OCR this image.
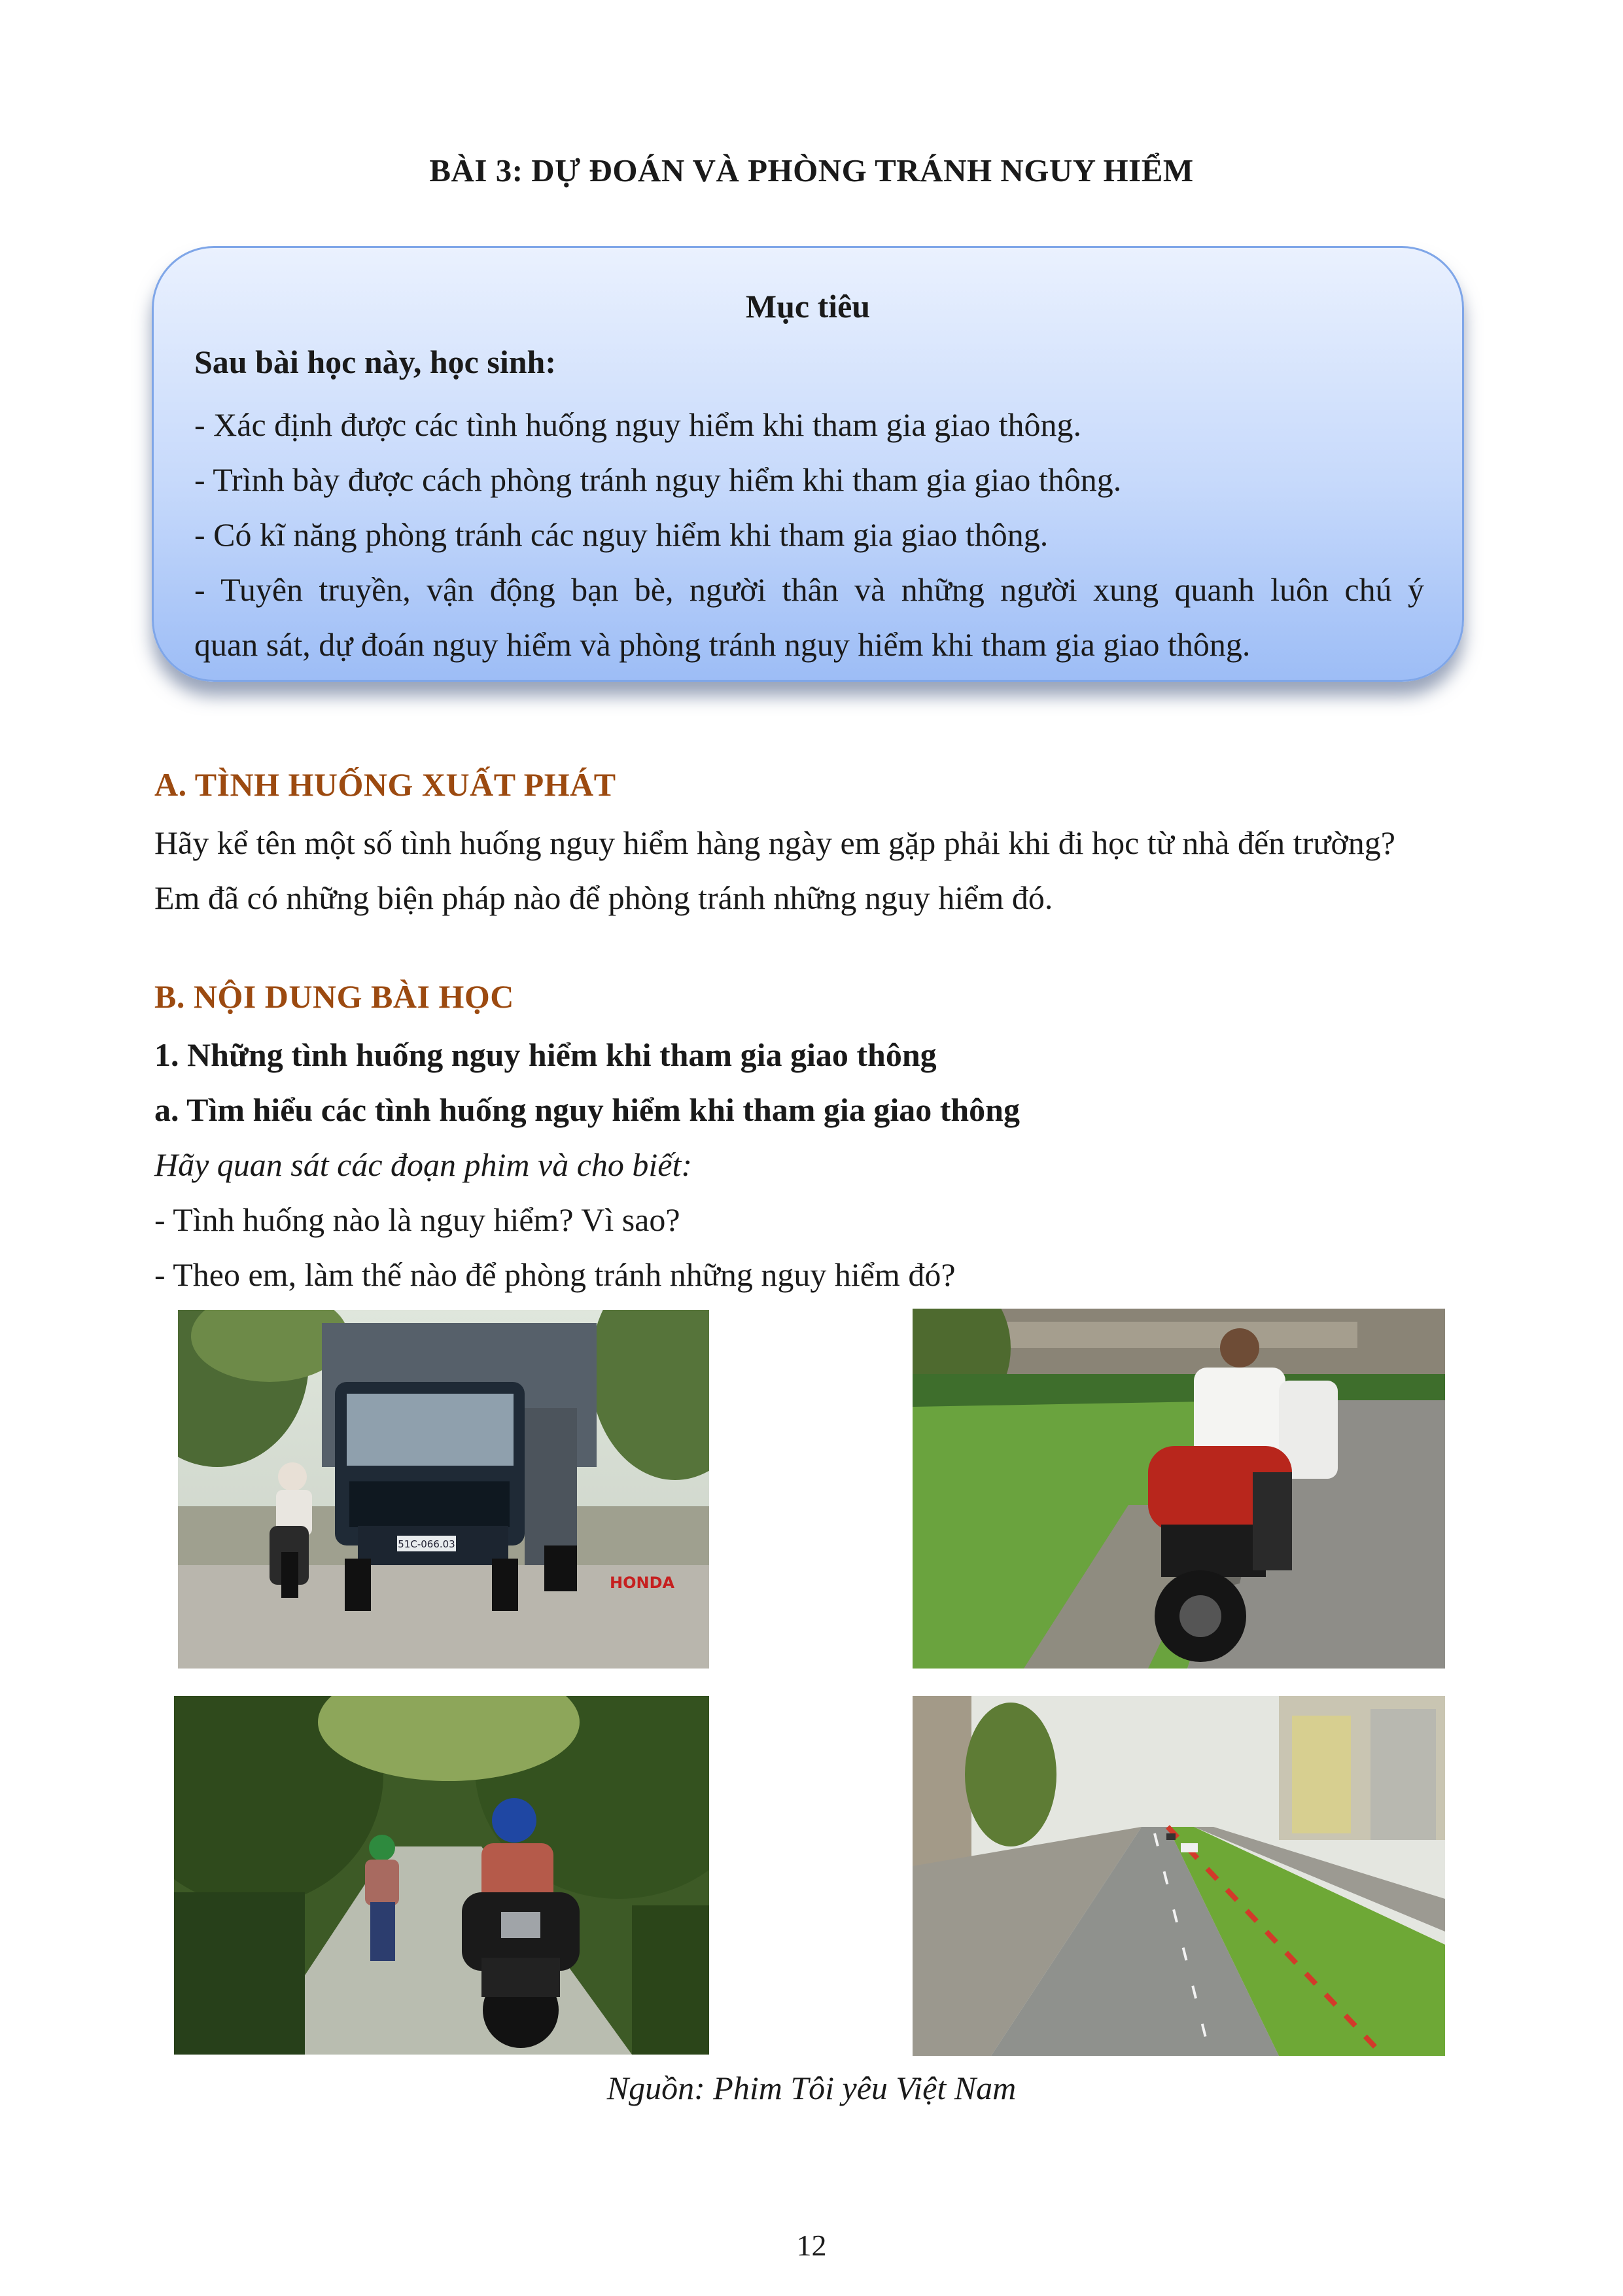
BÀI 3: DỰ ĐOÁN VÀ PHÒNG TRÁNH NGUY HIỂM
Mục tiêu
Sau bài học này, học sinh:
- Xác định được các tình huống nguy hiểm khi tham gia giao thông.
- Trình bày được cách phòng tránh nguy hiểm khi tham gia giao thông.
- Có kĩ năng phòng tránh các nguy hiểm khi tham gia giao thông.
- Tuyên truyền, vận động bạn bè, người thân và những người xung quanh luôn chú ý
quan sát, dự đoán nguy hiểm và phòng tránh nguy hiểm khi tham gia giao thông.
A. TÌNH HUỐNG XUẤT PHÁT
Hãy kể tên một số tình huống nguy hiểm hàng ngày em gặp phải khi đi học từ nhà đến trường?
Em đã có những biện pháp nào để phòng tránh những nguy hiểm đó.
B. NỘI DUNG BÀI HỌC
1. Những tình huống nguy hiểm khi tham gia giao thông
a. Tìm hiểu các tình huống nguy hiểm khi tham gia giao thông
Hãy quan sát các đoạn phim và cho biết:
- Tình huống nào là nguy hiểm? Vì sao?
- Theo em, làm thế nào để phòng tránh những nguy hiểm đó?
51C-066.03
HONDA
Nguồn: Phim Tôi yêu Việt Nam
12
